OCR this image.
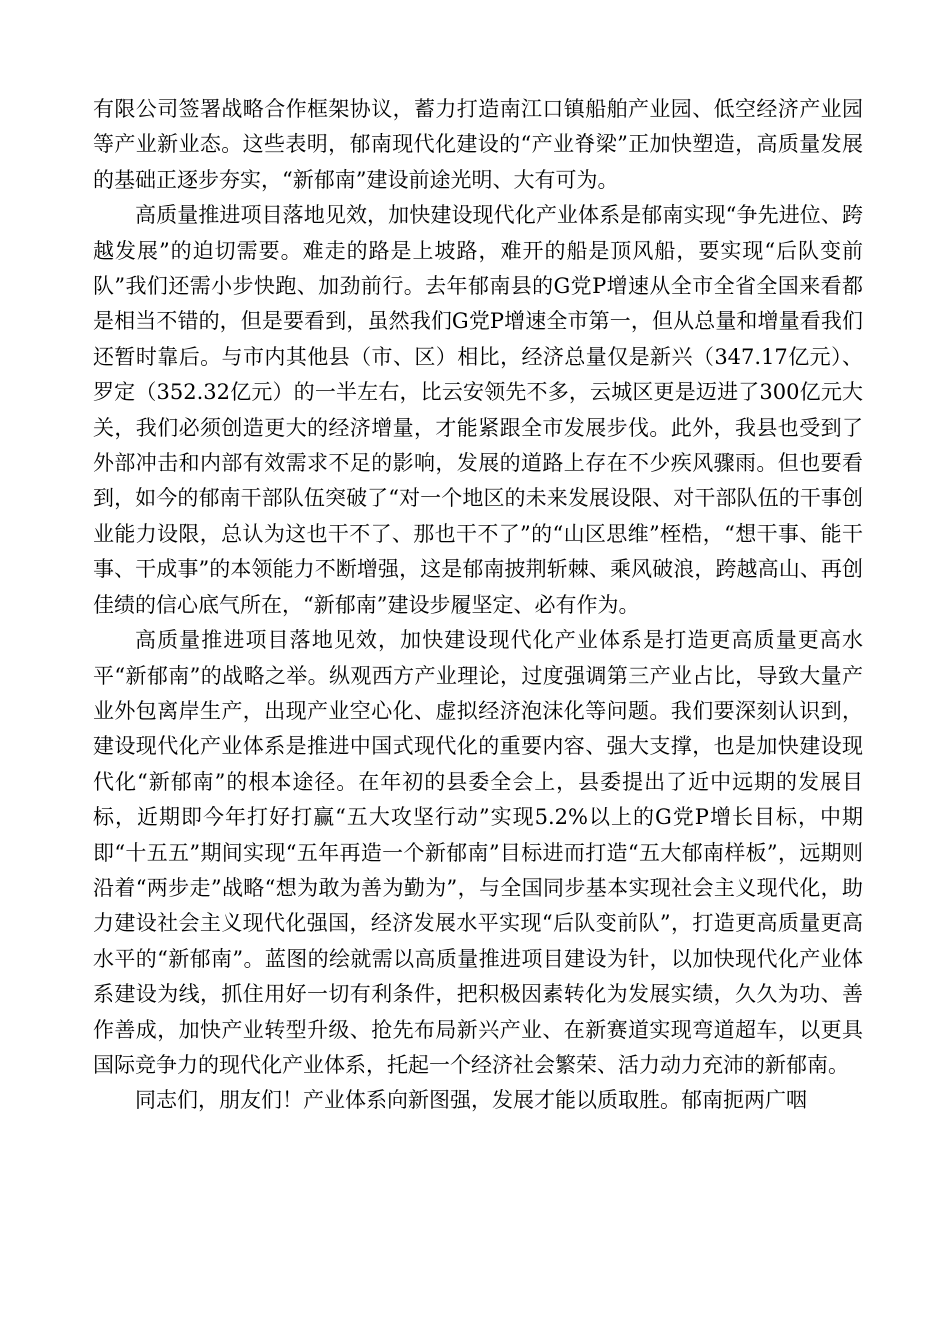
有限公司签署战略合作框架协议，蓄力打造南江口镇船舶产业园、低空经济产业园等产业新业态。这些表明，郁南现代化建设的“产业脊梁”正加快塑造，高质量发展的基础正逐步夯实，“新郁南”建设前途光明、大有可为。

高质量推进项目落地见效，加快建设现代化产业体系是郁南实现“争先进位、跨越发展”的迫切需要。难走的路是上坡路，难开的船是顶风船，要实现“后队变前队”我们还需小步快跑、加劲前行。去年郁南县的G党P增速从全市全省全国来看都是相当不错的，但是要看到，虽然我们G党P增速全市第一，但从总量和增量看我们还暂时靠后。与市内其他县（市、区）相比，经济总量仅是新兴（347.17亿元）、罗定（352.32亿元）的一半左右，比云安领先不多，云城区更是迈进了300亿元大关，我们必须创造更大的经济增量，才能紧跟全市发展步伐。此外，我县也受到了外部冲击和内部有效需求不足的影响，发展的道路上存在不少疾风骤雨。但也要看到，如今的郁南干部队伍突破了“对一个地区的未来发展设限、对干部队伍的干事创业能力设限，总认为这也干不了、那也干不了”的“山区思维”桎梏，“想干事、能干事、干成事”的本领能力不断增强，这是郁南披荆斩棘、乘风破浪，跨越高山、再创佳绩的信心底气所在，“新郁南”建设步履坚定、必有作为。

高质量推进项目落地见效，加快建设现代化产业体系是打造更高质量更高水平“新郁南”的战略之举。纵观西方产业理论，过度强调第三产业占比，导致大量产业外包离岸生产，出现产业空心化、虚拟经济泡沫化等问题。我们要深刻认识到，建设现代化产业体系是推进中国式现代化的重要内容、强大支撑，也是加快建设现代化“新郁南”的根本途径。在年初的县委全会上，县委提出了近中远期的发展目标，近期即今年打好打赢“五大攻坚行动”实现5.2%以上的G党P增长目标，中期即“十五五”期间实现“五年再造一个新郁南”目标进而打造“五大郁南样板”，远期则沿着“两步走”战略“想为敢为善为勤为”，与全国同步基本实现社会主义现代化，助力建设社会主义现代化强国，经济发展水平实现“后队变前队”，打造更高质量更高水平的“新郁南”。蓝图的绘就需以高质量推进项目建设为针，以加快现代化产业体系建设为线，抓住用好一切有利条件，把积极因素转化为发展实绩，久久为功、善作善成，加快产业转型升级、抢先布局新兴产业、在新赛道实现弯道超车，以更具国际竞争力的现代化产业体系，托起一个经济社会繁荣、活力动力充沛的新郁南。

同志们，朋友们！产业体系向新图强，发展才能以质取胜。郁南扼两广咽
